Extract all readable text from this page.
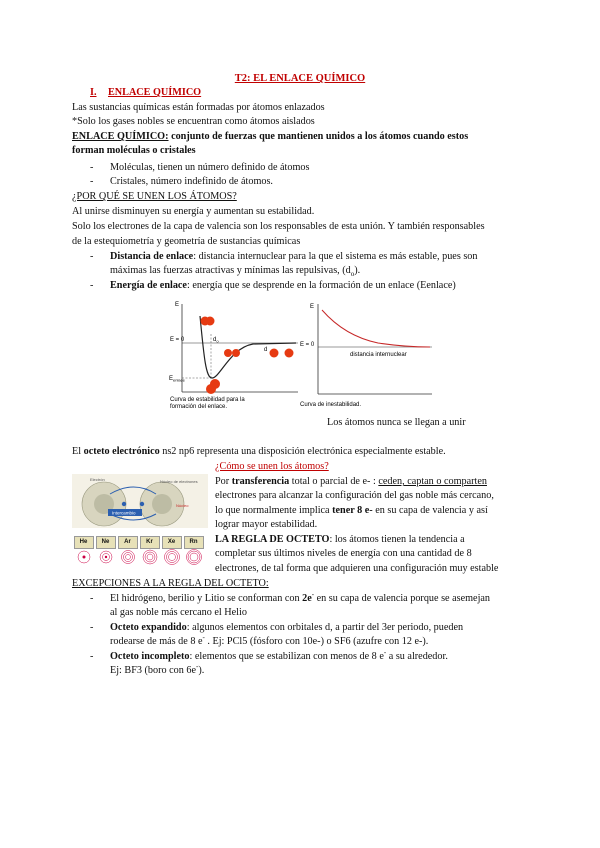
T2: EL ENLACE QUÍMICO
I. ENLACE QUÍMICO
Las sustancias químicas están formadas por átomos enlazados
*Solo los gases nobles se encuentran como átomos aislados
ENLACE QUÍMICO: conjunto de fuerzas que mantienen unidos a los átomos cuando estos
forman moléculas o cristales
- Moléculas, tienen un número definido de átomos
- Cristales, número indefinido de átomos.
¿POR QUÉ SE UNEN LOS ÁTOMOS?
Al unirse disminuyen su energía y aumentan su estabilidad.
Solo los electrones de la capa de valencia son los responsables de esta unión. Y también responsables
de la estequiometría y geometría de sustancias químicas
- Distancia de enlace: distancia internuclear para la que el sistema es más estable, pues son
máximas las fuerzas atractivas y mínimas las repulsivas, $(d_o)$.
- Energía de enlace: energía que se desprende en la formación de un enlace (Eenlace)
E
E = 0	$d_o$
d
$E_{enlace}$
Curva de estabilidad para la
formación del enlace.
E
E = 0
distancia internuclear
Curva de inestabilidad.
Los átomos nunca se llegan a unir
El octeto electrónico ns2 np6 representa una disposición electrónica especialmente estable.
¿Cómo se unen los átomos?
Electrón	Núcleo de electrones
Intercambio
Núcleo
He	Ne	Ar	Kr	Xe	Rn
Por transferencia total o parcial de e- : ceden, captan o comparten
electrones para alcanzar la configuración del gas noble más cercano,
lo que normalmente implica tener 8 e- en su capa de valencia y así
lograr mayor estabilidad.
LA REGLA DE OCTETO: los átomos tienen la tendencia a
completar sus últimos niveles de energía con una cantidad de 8
electrones, de tal forma que adquieren una configuración muy estable
EXCEPCIONES A LA REGLA DEL OCTETO:
- El hidrógeno, berilio y Litio se conforman con 2e- en su capa de valencia porque se asemejan
al gas noble más cercano el Helio
- Octeto expandido: algunos elementos con orbitales d, a partir del 3er periodo, pueden
rodearse de más de 8 e- . Ej: PCl5 (fósforo con 10e-) o SF6 (azufre con 12 e-).
- Octeto incompleto: elementos que se estabilizan con menos de 8 e- a su alrededor.
Ej: BF3 (boro con 6e-).
